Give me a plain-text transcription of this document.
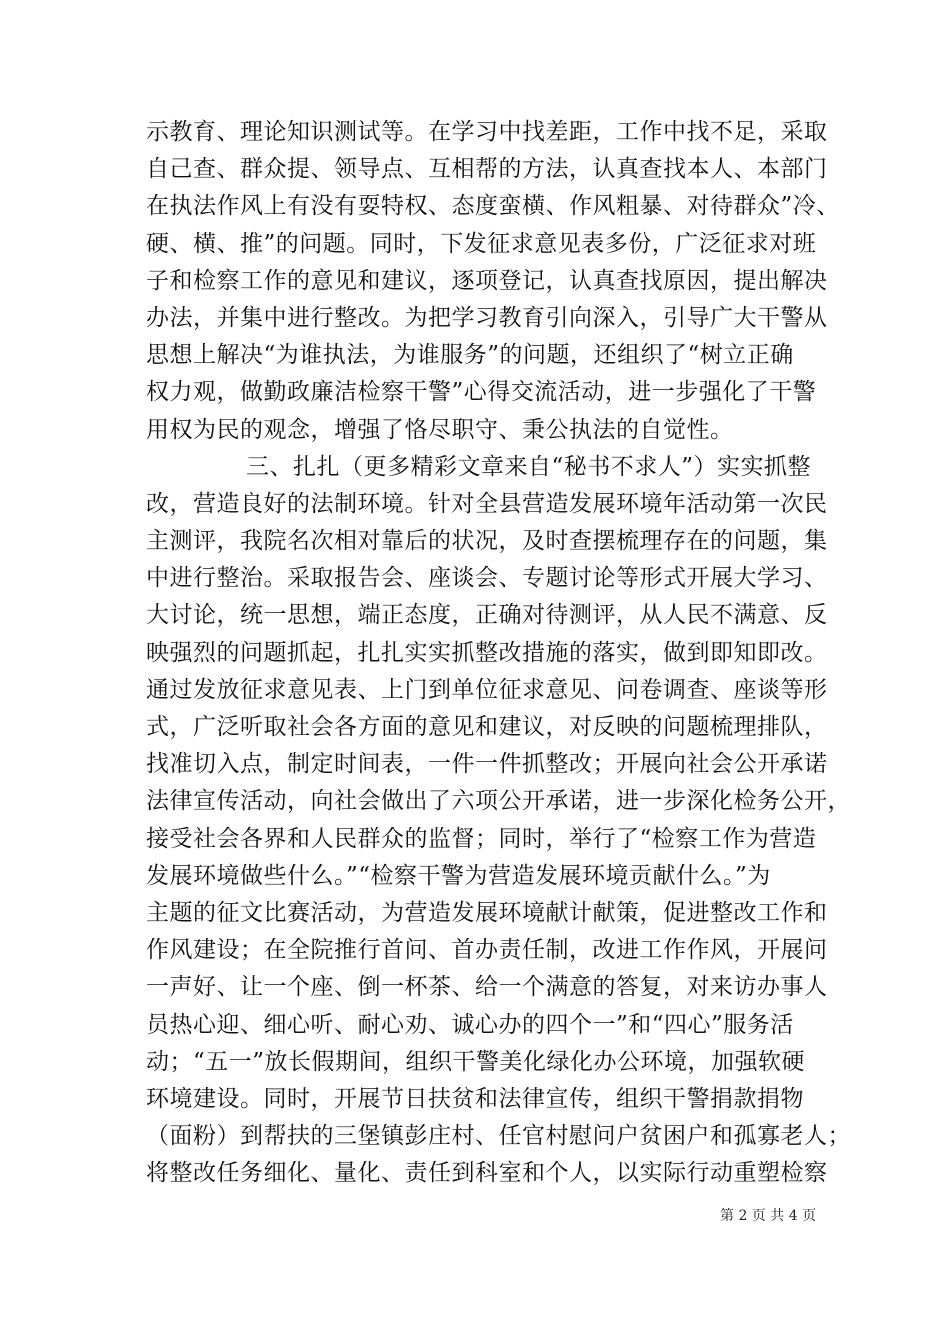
示教育、理论知识测试等。在学习中找差距，工作中找不足，采取
自己查、群众提、领导点、互相帮的方法，认真查找本人、本部门
在执法作风上有没有耍特权、态度蛮横、作风粗暴、对待群众”冷、
硬、横、推”的问题。同时，下发征求意见表多份，广泛征求对班
子和检察工作的意见和建议，逐项登记，认真查找原因，提出解决
办法，并集中进行整改。为把学习教育引向深入，引导广大干警从
思想上解决“为谁执法，为谁服务”的问题，还组织了“树立正确
权力观，做勤政廉洁检察干警”心得交流活动，进一步强化了干警
用权为民的观念，增强了恪尽职守、秉公执法的自觉性。
三、扎扎（更多精彩文章来自“秘书不求人”）实实抓整
改，营造良好的法制环境。针对全县营造发展环境年活动第一次民
主测评，我院名次相对靠后的状况，及时查摆梳理存在的问题，集
中进行整治。采取报告会、座谈会、专题讨论等形式开展大学习、
大讨论，统一思想，端正态度，正确对待测评，从人民不满意、反
映强烈的问题抓起，扎扎实实抓整改措施的落实，做到即知即改。
通过发放征求意见表、上门到单位征求意见、问卷调查、座谈等形
式，广泛听取社会各方面的意见和建议，对反映的问题梳理排队，
找准切入点，制定时间表，一件一件抓整改；开展向社会公开承诺
法律宣传活动，向社会做出了六项公开承诺，进一步深化检务公开，
接受社会各界和人民群众的监督；同时，举行了“检察工作为营造
发展环境做些什么。”“检察干警为营造发展环境贡献什么。”为
主题的征文比赛活动，为营造发展环境献计献策，促进整改工作和
作风建设；在全院推行首问、首办责任制，改进工作作风，开展问
一声好、让一个座、倒一杯茶、给一个满意的答复，对来访办事人
员热心迎、细心听、耐心劝、诚心办的四个一”和“四心”服务活
动；“五一”放长假期间，组织干警美化绿化办公环境，加强软硬
环境建设。同时，开展节日扶贫和法律宣传，组织干警捐款捐物
（面粉）到帮扶的三堡镇彭庄村、任官村慰问户贫困户和孤寡老人；
将整改任务细化、量化、责任到科室和个人，以实际行动重塑检察
第 2 页 共 4 页
